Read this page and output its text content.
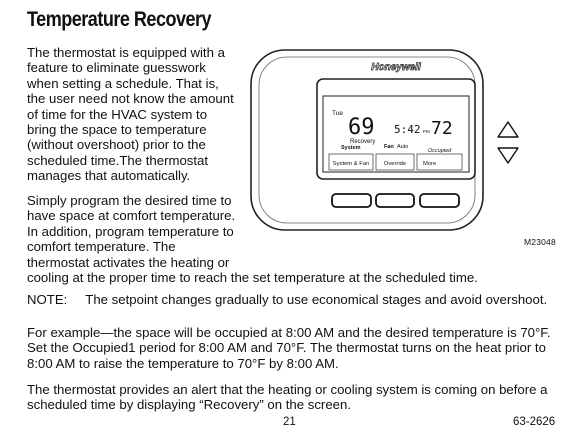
Temperature Recovery
The thermostat is equipped with a
feature to eliminate guesswork
when setting a schedule. That is,
the user need not know the amount
of time for the HVAC system to
bring the space to temperature
(without overshoot) prior to the
scheduled time.The thermostat
manages that automatically.
Simply program the desired time to
have space at comfort temperature.
In addition, program temperature to
comfort temperature. The
thermostat activates the heating or
cooling at the proper time to reach the set temperature at the scheduled time.
NOTE: The setpoint changes gradually to use economical stages and avoid overshoot.
For example—the space will be occupied at 8:00 AM and the desired temperature is 70°F.
Set the Occupied1 period for 8:00 AM and 70°F. The thermostat turns on the heat prior to
8:00 AM to raise the temperature to 70°F by 8:00 AM.
The thermostat provides an alert that the heating or cooling system is coming on before a
scheduled time by displaying “Recovery” on the screen.
Honeywell
Tue
69 5:42 PM 72
Recovery
System	Fan Auto
Occupied
System & Fan	Override	More
M23048
21	63-2626
